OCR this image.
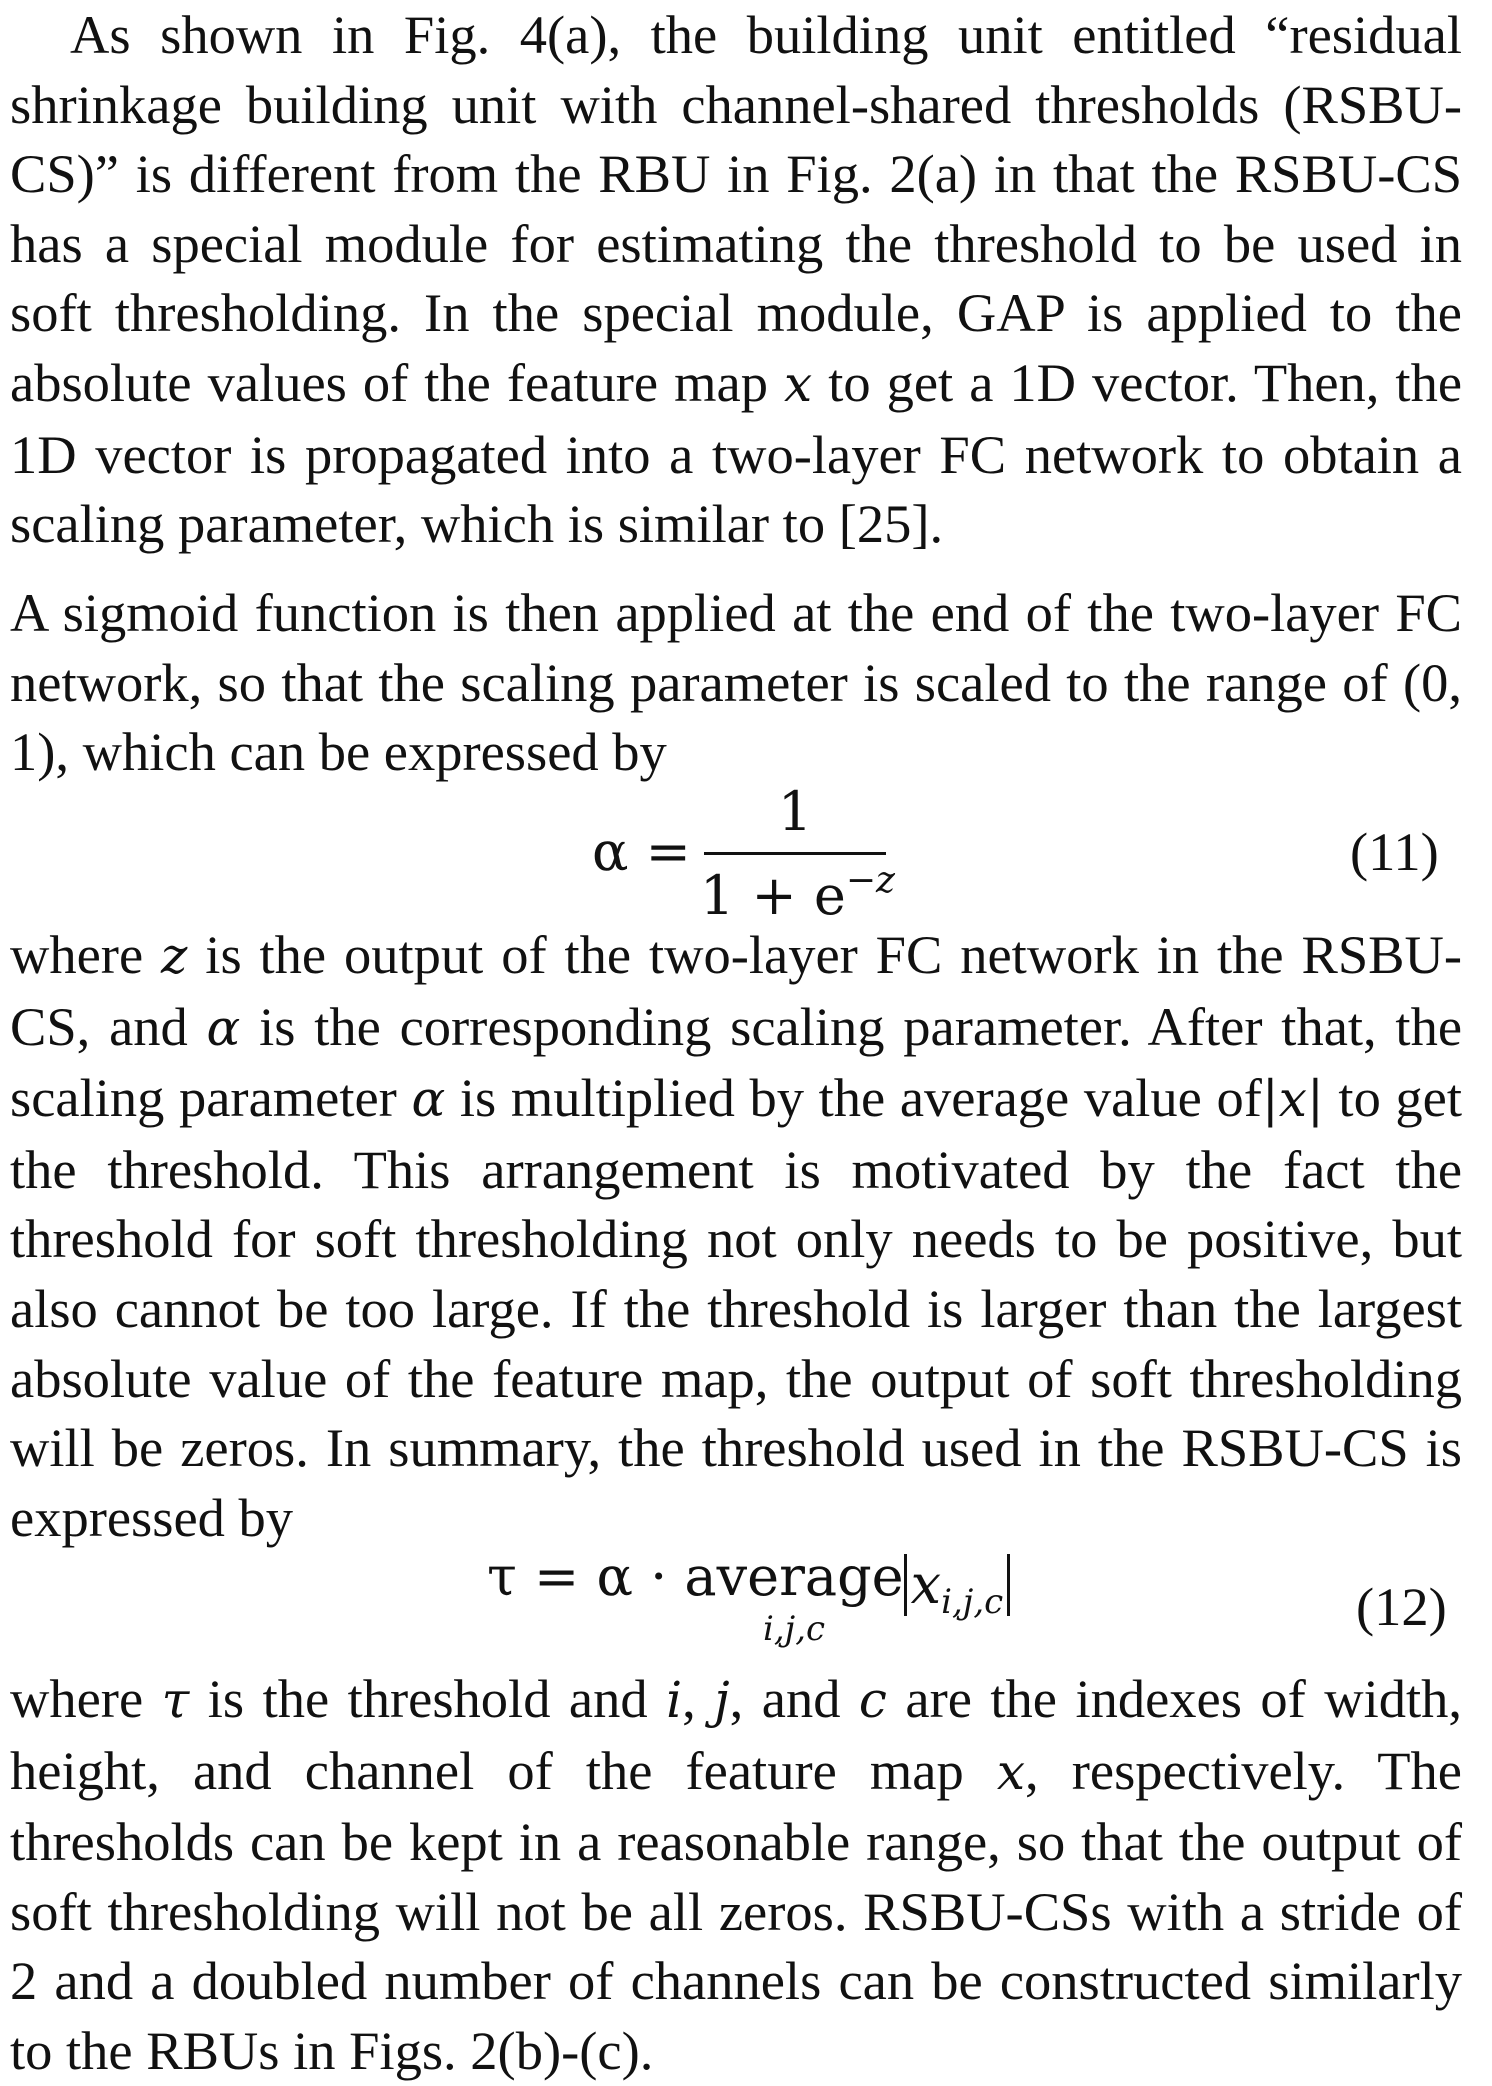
As shown in Fig. 4(a), the building unit entitled “residual shrinkage building unit with channel-shared thresholds (RSBU-CS)” is different from the RBU in Fig. 2(a) in that the RSBU-CS has a special module for estimating the threshold to be used in soft thresholding. In the special module, GAP is applied to the absolute values of the feature map x to get a 1D vector. Then, the 1D vector is propagated into a two-layer FC network to obtain a scaling parameter, which is similar to [25].

A sigmoid function is then applied at the end of the two-layer FC network, so that the scaling parameter is scaled to the range of (0, 1), which can be expressed by

α =
1
$1 + e^{-z}$	(11)

where z is the output of the two-layer FC network in the RSBU-CS, and α is the corresponding scaling parameter. After that, the scaling parameter α is multiplied by the average value of|x| to get the threshold. This arrangement is motivated by the fact the threshold for soft thresholding not only needs to be positive, but also cannot be too large. If the threshold is larger than the largest absolute value of the feature map, the output of soft thresholding will be zeros. In summary, the threshold used in the RSBU-CS is expressed by

τ = α · average
i,j,c
$x_{i,j,c}$	(12)

where τ is the threshold and i, j, and c are the indexes of width, height, and channel of the feature map x, respectively. The thresholds can be kept in a reasonable range, so that the output of soft thresholding will not be all zeros. RSBU-CSs with a stride of 2 and a doubled number of channels can be constructed similarly to the RBUs in Figs. 2(b)-(c).
